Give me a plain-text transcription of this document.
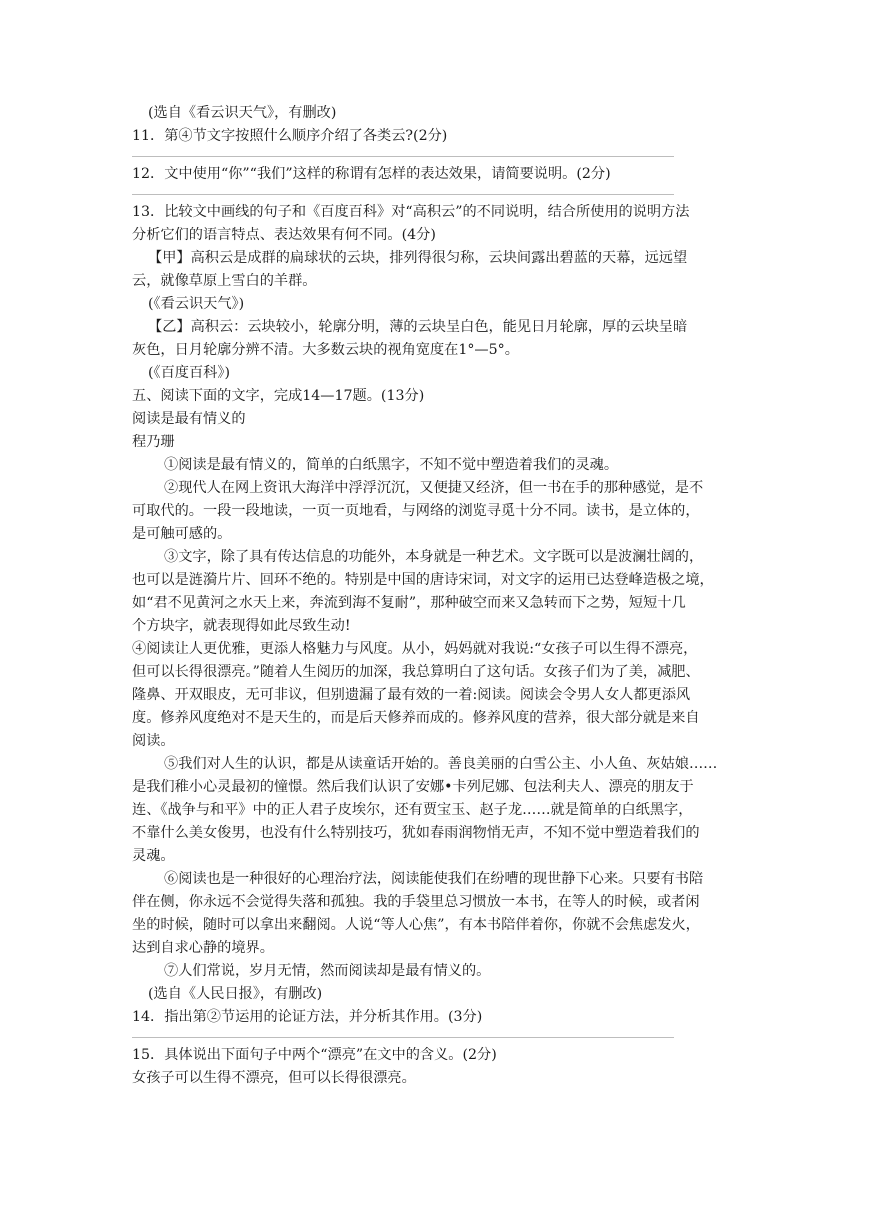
(选自《看云识天气》，有删改)

11．第④节文字按照什么顺序介绍了各类云?(2分)

12．文中使用“你”“我们”这样的称谓有怎样的表达效果，请简要说明。(2分)

13．比较文中画线的句子和《百度百科》对“高积云”的不同说明，结合所使用的说明方法

分析它们的语言特点、表达效果有何不同。(4分)

【甲】高积云是成群的扁球状的云块，排列得很匀称，云块间露出碧蓝的天幕，远远望

云，就像草原上雪白的羊群。

(《看云识天气》)

【乙】高积云：云块较小，轮廓分明，薄的云块呈白色，能见日月轮廓，厚的云块呈暗

灰色，日月轮廓分辨不清。大多数云块的视角宽度在1°—5°。

(《百度百科》)

五、阅读下面的文字，完成14—17题。(13分)

阅读是最有情义的

程乃珊

①阅读是最有情义的，简单的白纸黑字，不知不觉中塑造着我们的灵魂。

②现代人在网上资讯大海洋中浮浮沉沉，又便捷又经济，但一书在手的那种感觉，是不

可取代的。一段一段地读，一页一页地看，与网络的浏览寻觅十分不同。读书，是立体的，

是可触可感的。

③文字，除了具有传达信息的功能外，本身就是一种艺术。文字既可以是波澜壮阔的，

也可以是涟漪片片、回环不绝的。特别是中国的唐诗宋词，对文字的运用已达登峰造极之境，

如“君不见黄河之水天上来，奔流到海不复耐”，那种破空而来又急转而下之势，短短十几

个方块字，就表现得如此尽致生动!

④阅读让人更优雅，更添人格魅力与风度。从小，妈妈就对我说:“女孩子可以生得不漂亮，

但可以长得很漂亮。”随着人生阅历的加深，我总算明白了这句话。女孩子们为了美，减肥、

隆鼻、开双眼皮，无可非议，但别遗漏了最有效的一着:阅读。阅读会令男人女人都更添风

度。修养风度绝对不是天生的，而是后天修养而成的。修养风度的营养，很大部分就是来自

阅读。

⑤我们对人生的认识，都是从读童话开始的。善良美丽的白雪公主、小人鱼、灰姑娘……

是我们稚小心灵最初的憧憬。然后我们认识了安娜•卡列尼娜、包法利夫人、漂亮的朋友于

连、《战争与和平》中的正人君子皮埃尔，还有贾宝玉、赵子龙……就是简单的白纸黑字，

不靠什么美女俊男，也没有什么特别技巧，犹如春雨润物悄无声，不知不觉中塑造着我们的

灵魂。

⑥阅读也是一种很好的心理治疗法，阅读能使我们在纷嘈的现世静下心来。只要有书陪

伴在侧，你永远不会觉得失落和孤独。我的手袋里总习惯放一本书，在等人的时候，或者闲

坐的时候，随时可以拿出来翻阅。人说“等人心焦”，有本书陪伴着你，你就不会焦虑发火，

达到自求心静的境界。

⑦人们常说，岁月无情，然而阅读却是最有情义的。

(选自《人民日报》，有删改)

14．指出第②节运用的论证方法，并分析其作用。(3分)

15．具体说出下面句子中两个“漂亮”在文中的含义。(2分)

女孩子可以生得不漂亮，但可以长得很漂亮。
